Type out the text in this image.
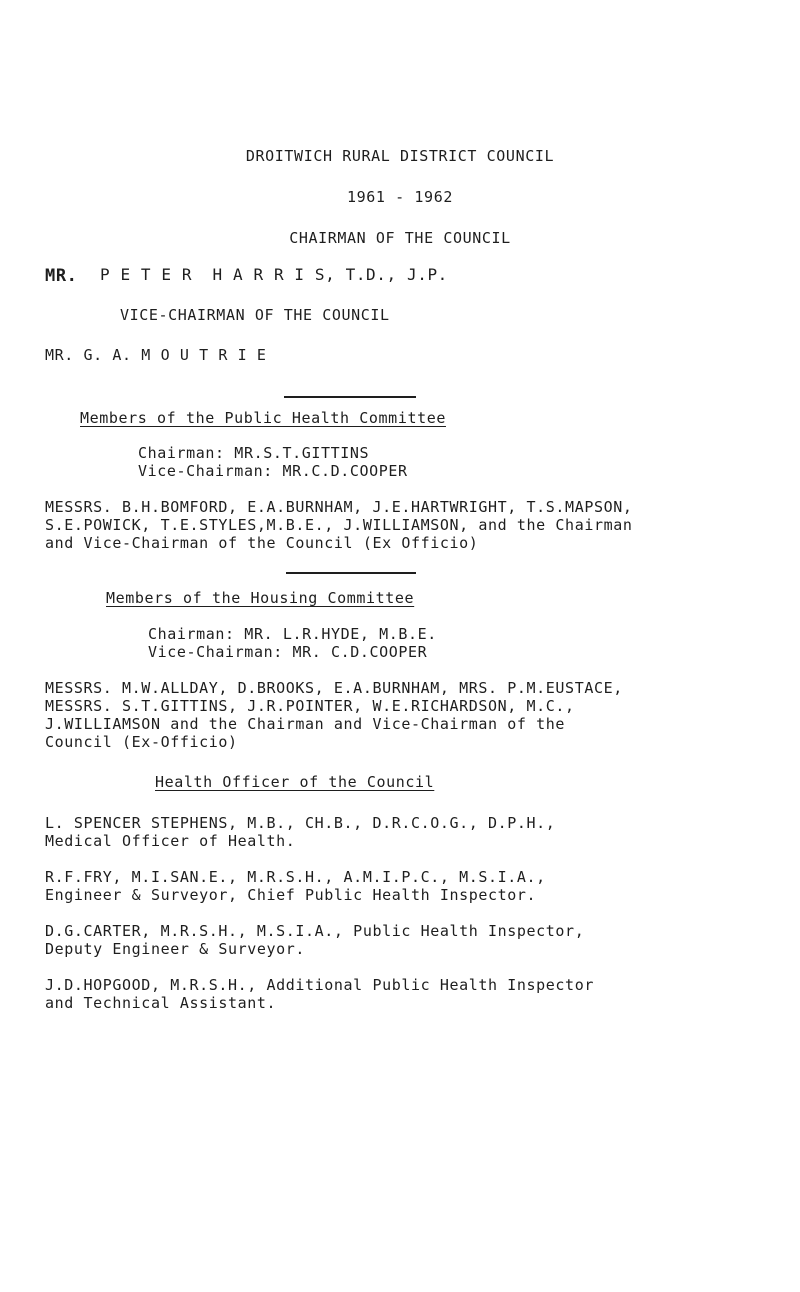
DROITWICH RURAL DISTRICT COUNCIL
1961 - 1962
CHAIRMAN OF THE COUNCIL
MR. P E T E R  H A R R I S, T.D., J.P.
VICE-CHAIRMAN OF THE COUNCIL
MR. G. A. M O U T R I E
Members of the Public Health Committee
Chairman: MR.S.T.GITTINS
Vice-Chairman: MR.C.D.COOPER
MESSRS. B.H.BOMFORD, E.A.BURNHAM, J.E.HARTWRIGHT, T.S.MAPSON,
S.E.POWICK, T.E.STYLES,M.B.E., J.WILLIAMSON, and the Chairman
and Vice-Chairman of the Council (Ex Officio)
Members of the Housing Committee
Chairman: MR. L.R.HYDE, M.B.E.
Vice-Chairman: MR. C.D.COOPER
MESSRS. M.W.ALLDAY, D.BROOKS, E.A.BURNHAM, MRS. P.M.EUSTACE,
MESSRS. S.T.GITTINS, J.R.POINTER, W.E.RICHARDSON, M.C.,
J.WILLIAMSON and the Chairman and Vice-Chairman of the
Council (Ex-Officio)
Health Officer of the Council
L. SPENCER STEPHENS, M.B., CH.B., D.R.C.O.G., D.P.H.,
Medical Officer of Health.
R.F.FRY, M.I.SAN.E., M.R.S.H., A.M.I.P.C., M.S.I.A.,
Engineer & Surveyor, Chief Public Health Inspector.
D.G.CARTER, M.R.S.H., M.S.I.A., Public Health Inspector,
Deputy Engineer & Surveyor.
J.D.HOPGOOD, M.R.S.H., Additional Public Health Inspector
and Technical Assistant.
